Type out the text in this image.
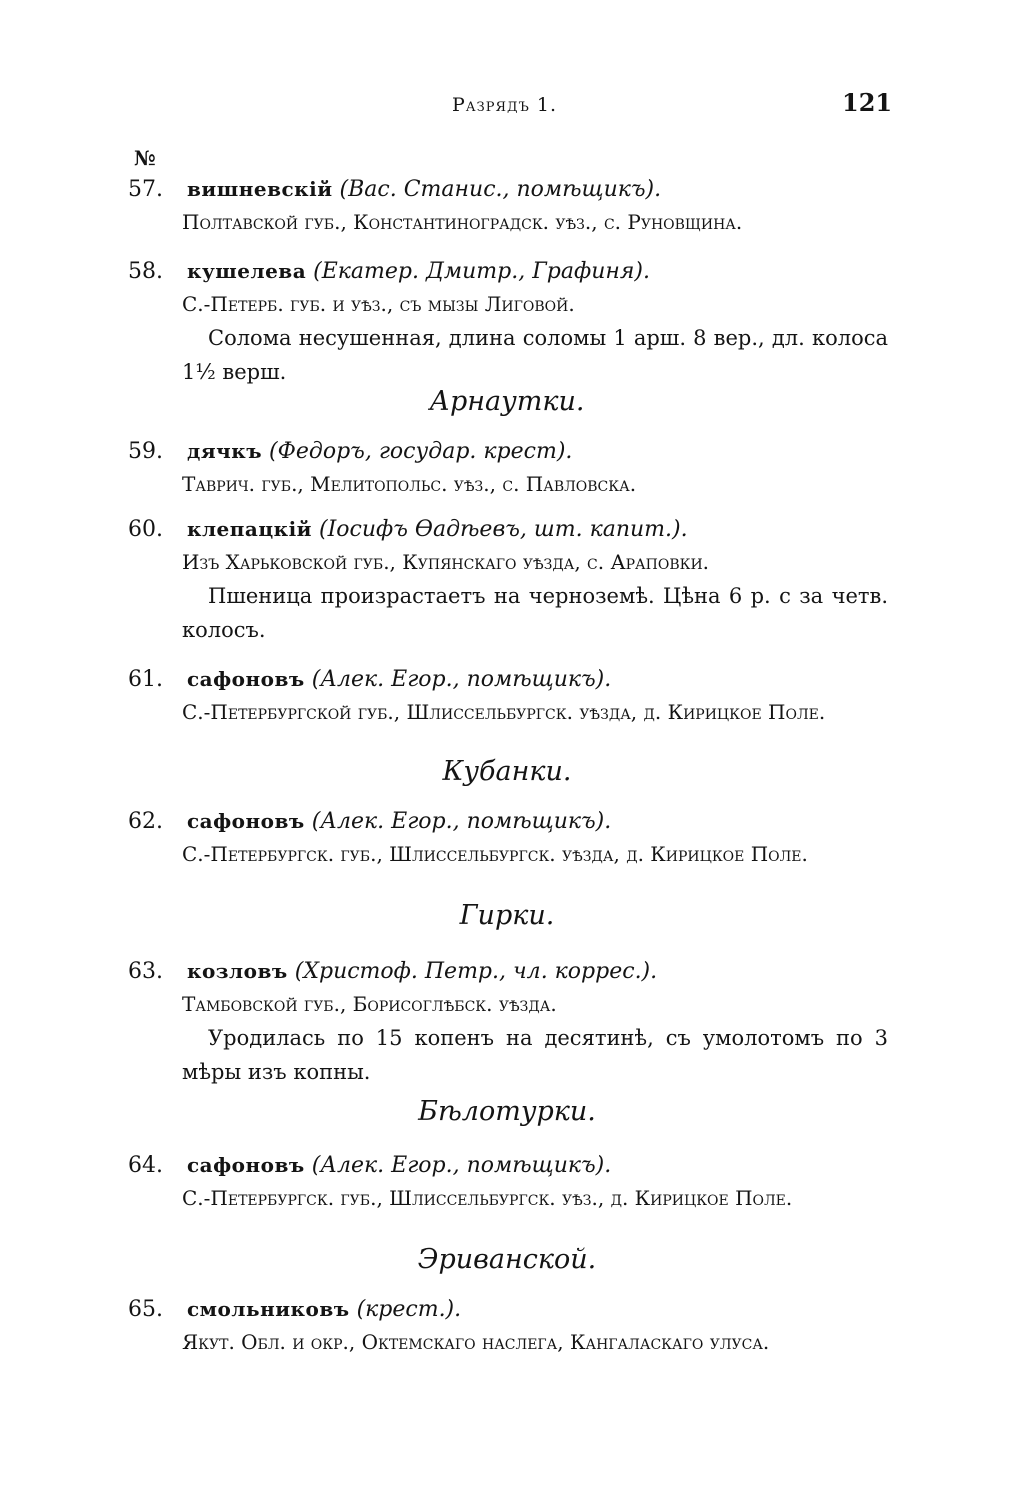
Разрядъ 1.	121
№
57. вишневскій (Вас. Станис., помѣщикъ).
Полтавской губ., Константиноградск. уѣз., с. Руновщина.
58. кушелева (Екатер. Дмитр., Графиня).
С.-Петерб. губ. и уѣз., съ мызы Лиговой.
Солома несушенная, длина соломы 1 арш. 8 вер., дл. колоса 1½ верш.
Арнаутки.
59. дячкъ (Федоръ, государ. крест).
Таврич. губ., Мелитопольс. уѣз., с. Павловска.
60. клепацкій (Іосифъ Ѳадѣевъ, шт. капит.).
Изъ Харьковской губ., Купянскаго уѣзда, с. Араповки.
Пшеница произрастаетъ на черноземѣ. Цѣна 6 р. с за четв. колосъ.
61. сафоновъ (Алек. Егор., помѣщикъ).
С.-Петербургской губ., Шлиссельбургск. уѣзда, д. Кирицкое Поле.
Кубанки.
62. сафоновъ (Алек. Егор., помѣщикъ).
С.-Петербургск. губ., Шлиссельбургск. уѣзда, д. Кирицкое Поле.
Гирки.
63. козловъ (Христоф. Петр., чл. коррес.).
Тамбовской губ., Борисоглѣбск. уѣзда.
Уродилась по 15 копенъ на десятинѣ, съ умолотомъ по 3 мѣры изъ копны.
Бѣлотурки.
64. сафоновъ (Алек. Егор., помѣщикъ).
С.-Петербургск. губ., Шлиссельбургск. уѣз., д. Кирицкое Поле.
Эриванской.
65. смольниковъ (крест.).
Якут. Обл. и окр., Октемскаго наслега, Кангаласкаго улуса.
